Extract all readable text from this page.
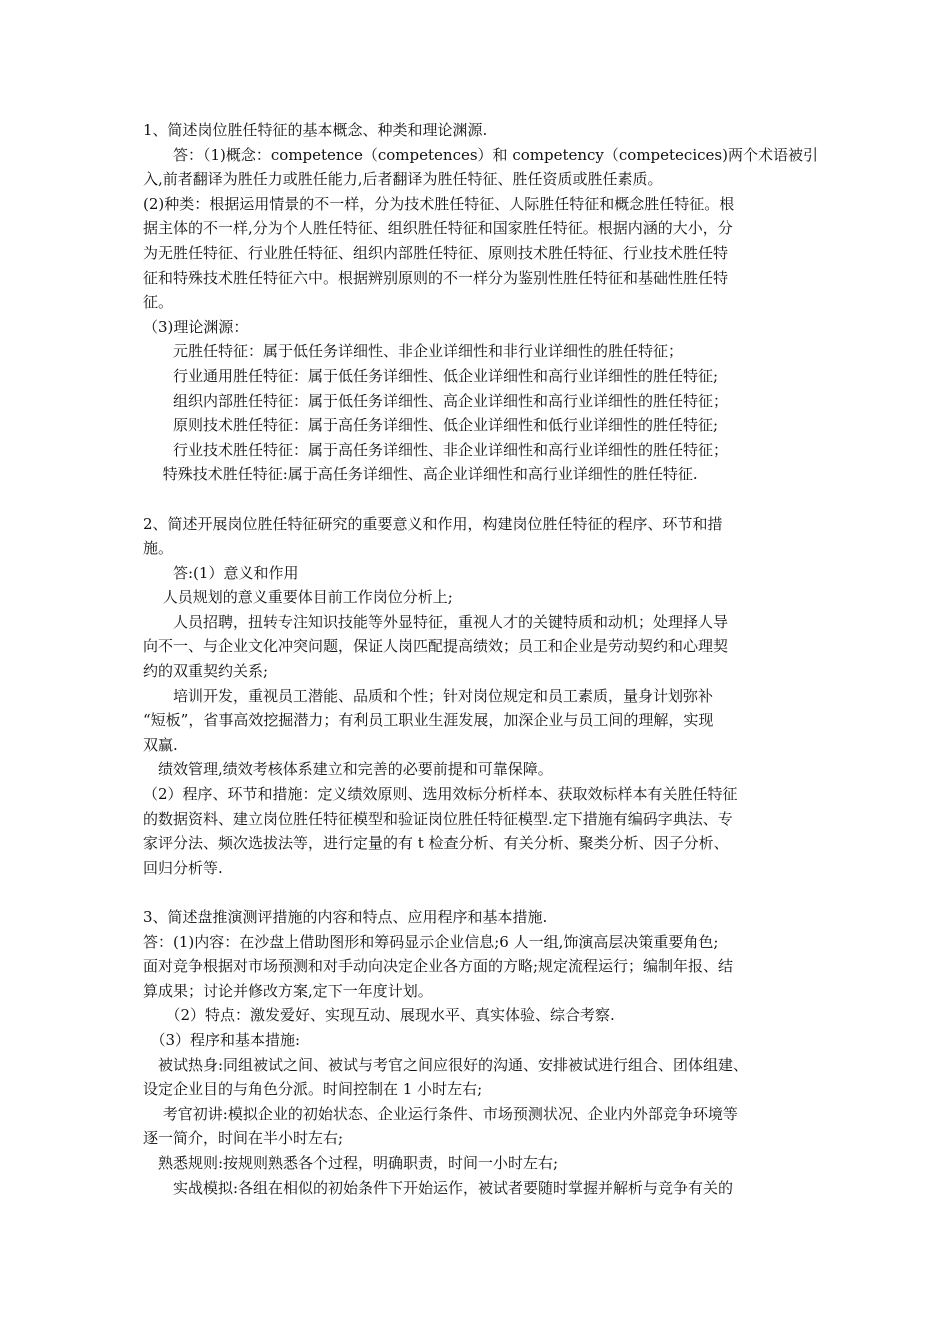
1、简述岗位胜任特征的基本概念、种类和理论渊源.

　　答：（1)概念：competence（competences）和 competency（competecices)两个术语被引

入,前者翻译为胜任力或胜任能力,后者翻译为胜任特征、胜任资质或胜任素质。

(2)种类：根据运用情景的不一样，分为技术胜任特征、人际胜任特征和概念胜任特征。根

据主体的不一样,分为个人胜任特征、组织胜任特征和国家胜任特征。根据内涵的大小，分

为无胜任特征、行业胜任特征、组织内部胜任特征、原则技术胜任特征、行业技术胜任特

征和特殊技术胜任特征六中。根据辨别原则的不一样分为鉴别性胜任特征和基础性胜任特

征。

（3)理论渊源：

　　元胜任特征：属于低任务详细性、非企业详细性和非行业详细性的胜任特征；

　　行业通用胜任特征：属于低任务详细性、低企业详细性和高行业详细性的胜任特征;

　　组织内部胜任特征：属于低任务详细性、高企业详细性和高行业详细性的胜任特征；

　　原则技术胜任特征：属于高任务详细性、低企业详细性和低行业详细性的胜任特征;

　　行业技术胜任特征：属于高任务详细性、非企业详细性和高行业详细性的胜任特征；

　 特殊技术胜任特征:属于高任务详细性、高企业详细性和高行业详细性的胜任特征.

2、简述开展岗位胜任特征研究的重要意义和作用，构建岗位胜任特征的程序、环节和措

施。

　　答:(1）意义和作用

　 人员规划的意义重要体目前工作岗位分析上;

　　人员招聘，扭转专注知识技能等外显特征，重视人才的关键特质和动机；处理择人导

向不一、与企业文化冲突问题，保证人岗匹配提高绩效；员工和企业是劳动契约和心理契

约的双重契约关系;

　　培训开发，重视员工潜能、品质和个性；针对岗位规定和员工素质，量身计划弥补

“短板”，省事高效挖掘潜力；有利员工职业生涯发展，加深企业与员工间的理解，实现

双赢.

　绩效管理,绩效考核体系建立和完善的必要前提和可靠保障。

（2）程序、环节和措施：定义绩效原则、选用效标分析样本、获取效标样本有关胜任特征

的数据资料、建立岗位胜任特征模型和验证岗位胜任特征模型.定下措施有编码字典法、专

家评分法、频次选拔法等，进行定量的有 t 检查分析、有关分析、聚类分析、因子分析、

回归分析等.

3、简述盘推演测评措施的内容和特点、应用程序和基本措施.

答：(1)内容：在沙盘上借助图形和筹码显示企业信息;6 人一组,饰演高层决策重要角色;

面对竞争根据对市场预测和对手动向决定企业各方面的方略;规定流程运行；编制年报、结

算成果；讨论并修改方案,定下一年度计划。

　　（2）特点：激发爱好、实现互动、展现水平、真实体验、综合考察.

　（3）程序和基本措施:

　被试热身:同组被试之间、被试与考官之间应很好的沟通、安排被试进行组合、团体组建、

设定企业目的与角色分派。时间控制在 1 小时左右;

　 考官初讲:模拟企业的初始状态、企业运行条件、市场预测状况、企业内外部竞争环境等

逐一简介，时间在半小时左右;

　熟悉规则:按规则熟悉各个过程，明确职责，时间一小时左右;

　　实战模拟:各组在相似的初始条件下开始运作，被试者要随时掌握并解析与竞争有关的
